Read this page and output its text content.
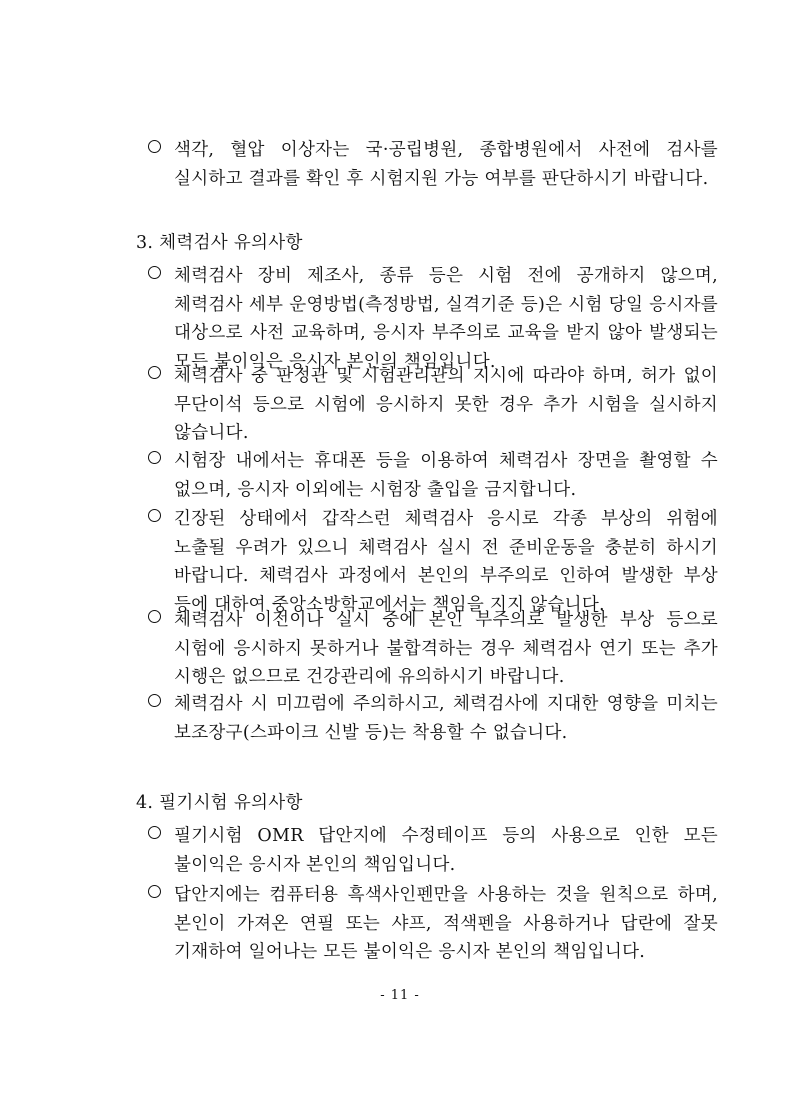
색각, 혈압 이상자는 국·공립병원, 종합병원에서 사전에 검사를 실시하고 결과를 확인 후 시험지원 가능 여부를 판단하시기 바랍니다.
3. 체력검사 유의사항
체력검사 장비 제조사, 종류 등은 시험 전에 공개하지 않으며, 체력검사 세부 운영방법(측정방법, 실격기준 등)은 시험 당일 응시자를 대상으로 사전 교육하며, 응시자 부주의로 교육을 받지 않아 발생되는 모든 불이익은 응시자 본인의 책임입니다.
체력검사 중 판정관 및 시험관리관의 지시에 따라야 하며, 허가 없이 무단이석 등으로 시험에 응시하지 못한 경우 추가 시험을 실시하지 않습니다.
시험장 내에서는 휴대폰 등을 이용하여 체력검사 장면을 촬영할 수 없으며, 응시자 이외에는 시험장 출입을 금지합니다.
긴장된 상태에서 갑작스런 체력검사 응시로 각종 부상의 위험에 노출될 우려가 있으니 체력검사 실시 전 준비운동을 충분히 하시기 바랍니다. 체력검사 과정에서 본인의 부주의로 인하여 발생한 부상 등에 대하여 중앙소방학교에서는 책임을 지지 않습니다.
체력검사 이전이나 실시 중에 본인 부주의로 발생한 부상 등으로 시험에 응시하지 못하거나 불합격하는 경우 체력검사 연기 또는 추가 시행은 없으므로 건강관리에 유의하시기 바랍니다.
체력검사 시 미끄럼에 주의하시고, 체력검사에 지대한 영향을 미치는 보조장구(스파이크 신발 등)는 착용할 수 없습니다.
4. 필기시험 유의사항
필기시험 OMR 답안지에 수정테이프 등의 사용으로 인한 모든 불이익은 응시자 본인의 책임입니다.
답안지에는 컴퓨터용 흑색사인펜만을 사용하는 것을 원칙으로 하며, 본인이 가져온 연필 또는 샤프, 적색펜을 사용하거나 답란에 잘못 기재하여 일어나는 모든 불이익은 응시자 본인의 책임입니다.
- 11 -
